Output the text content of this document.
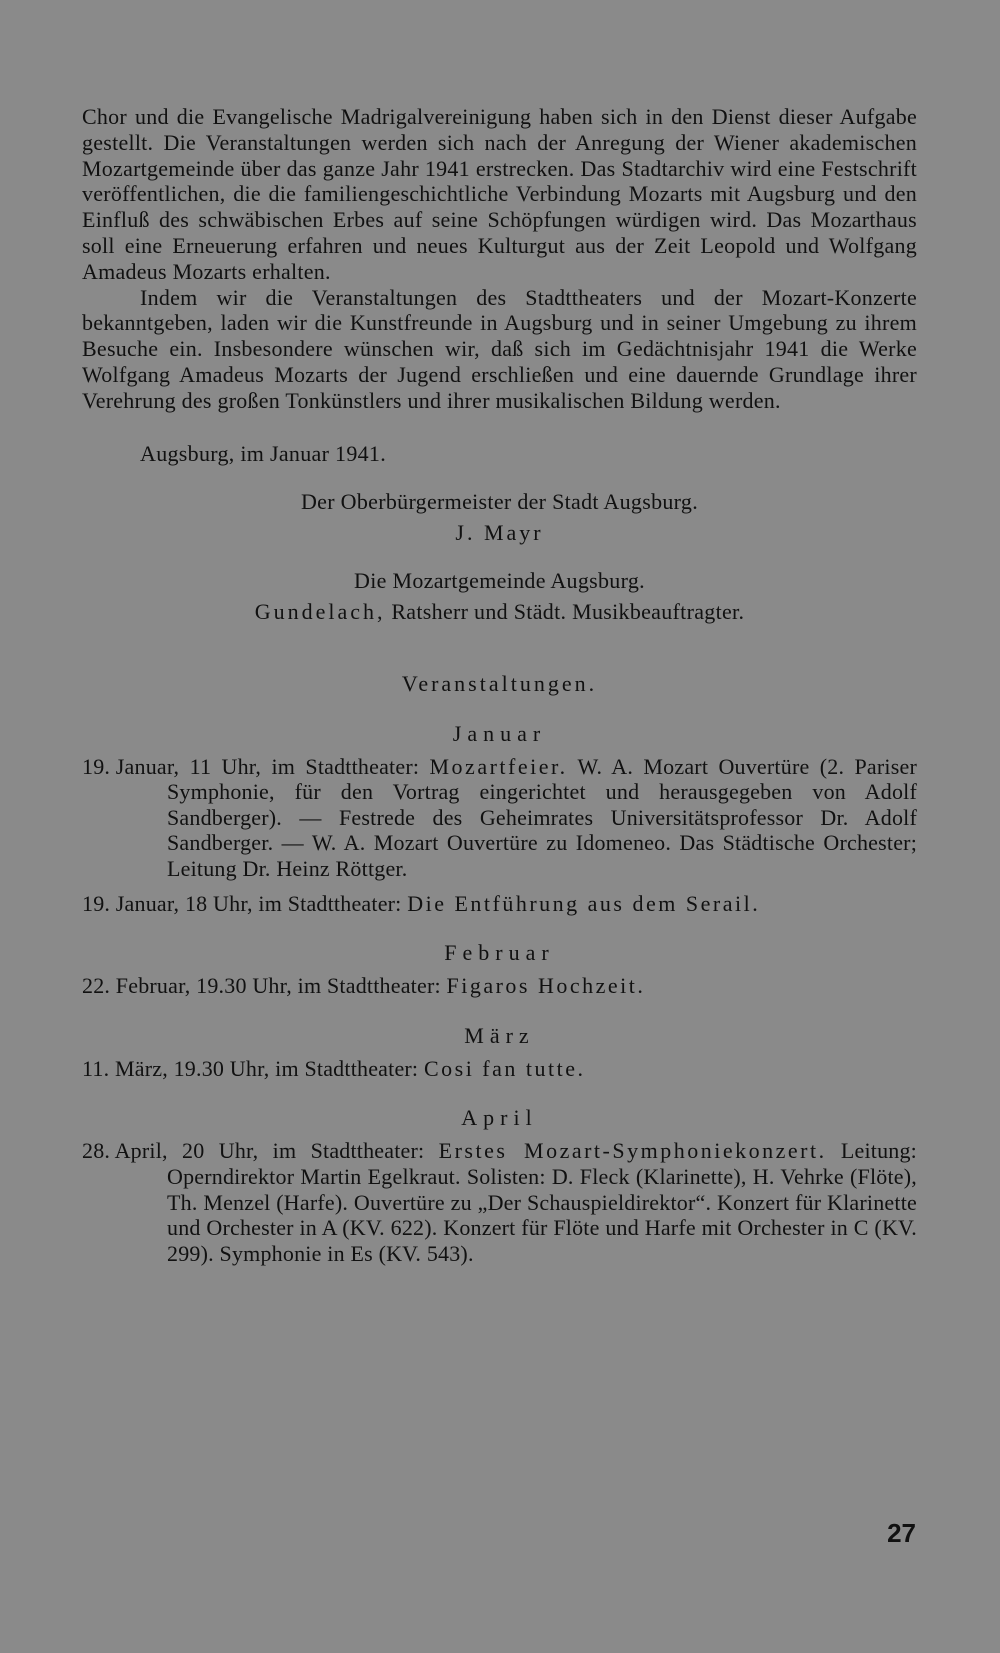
Chor und die Evangelische Madrigalvereinigung haben sich in den Dienst dieser Aufgabe gestellt. Die Veranstaltungen werden sich nach der Anregung der Wiener akademischen Mozartgemeinde über das ganze Jahr 1941 erstrecken. Das Stadtarchiv wird eine Festschrift veröffentlichen, die die familiengeschichtliche Verbindung Mozarts mit Augsburg und den Einfluß des schwäbischen Erbes auf seine Schöpfungen würdigen wird. Das Mozarthaus soll eine Erneuerung erfahren und neues Kulturgut aus der Zeit Leopold und Wolfgang Amadeus Mozarts erhalten.

Indem wir die Veranstaltungen des Stadttheaters und der Mozart-Konzerte bekanntgeben, laden wir die Kunstfreunde in Augsburg und in seiner Umgebung zu ihrem Besuche ein. Insbesondere wünschen wir, daß sich im Gedächtnisjahr 1941 die Werke Wolfgang Amadeus Mozarts der Jugend erschließen und eine dauernde Grundlage ihrer Verehrung des großen Tonkünstlers und ihrer musikalischen Bildung werden.

Augsburg, im Januar 1941.
Der Oberbürgermeister der Stadt Augsburg.
J. Mayr
Die Mozartgemeinde Augsburg.
Gundelach, Ratsherr und Städt. Musikbeauftragter.
Veranstaltungen.
Januar

19. Januar, 11 Uhr, im Stadttheater: Mozartfeier. W. A. Mozart Ouvertüre (2. Pariser Symphonie, für den Vortrag eingerichtet und herausgegeben von Adolf Sandberger). — Festrede des Geheimrates Universitätsprofessor Dr. Adolf Sandberger. — W. A. Mozart Ouvertüre zu Idomeneo. Das Städtische Orchester; Leitung Dr. Heinz Röttger.

19. Januar, 18 Uhr, im Stadttheater: Die Entführung aus dem Serail.

Februar

22. Februar, 19.30 Uhr, im Stadttheater: Figaros Hochzeit.

März

11. März, 19.30 Uhr, im Stadttheater: Cosi fan tutte.

April

28. April, 20 Uhr, im Stadttheater: Erstes Mozart-Symphoniekonzert. Leitung: Operndirektor Martin Egelkraut. Solisten: D. Fleck (Klarinette), H. Vehrke (Flöte), Th. Menzel (Harfe). Ouvertüre zu „Der Schauspieldirektor“. Konzert für Klarinette und Orchester in A (KV. 622). Konzert für Flöte und Harfe mit Orchester in C (KV. 299). Symphonie in Es (KV. 543).

27
